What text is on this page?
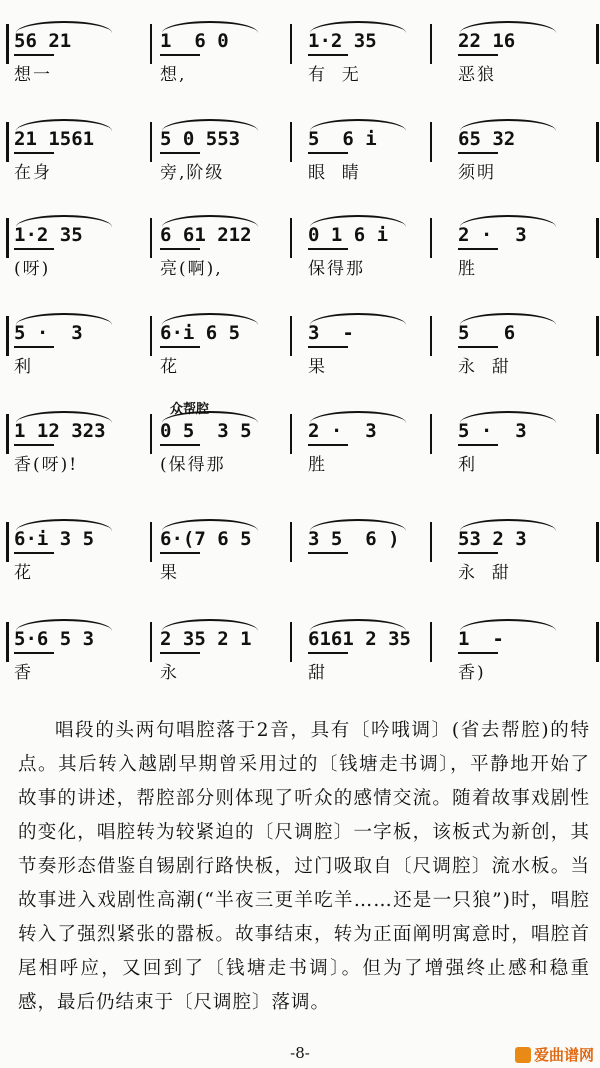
56 21
想一
1  6 0
想,
1·2 35
有  无
22 16
恶狼
21 1561
在身
5 0 553
旁,阶级
5  6 i
眼  睛
65 32
须明
1·2 35
(呀)
6 61 212
亮(啊),
0 1 6 i
保得那
2 ·  3
胜
5 ·  3
利
6·i 6 5
花
3  -
果
5   6
永  甜
众帮腔
1 12 323
香(呀)!
0 5  3 5
(保得那
2 ·  3
胜
5 ·  3
利
6·i 3 5
花
6·(7 6 5
果
3 5  6 )	53 2 3
永  甜
5·6 5 3
香
2 35 2 1
永
6161 2 35
甜
1  -
香)
唱段的头两句唱腔落于2音，具有〔吟哦调〕(省去帮腔)的特点。其后转入越剧早期曾采用过的〔钱塘走书调〕，平静地开始了故事的讲述，帮腔部分则体现了听众的感情交流。随着故事戏剧性的变化，唱腔转为较紧迫的〔尺调腔〕一字板，该板式为新创，其节奏形态借鉴自锡剧行路快板，过门吸取自〔尺调腔〕流水板。当故事进入戏剧性高潮(“半夜三更羊吃羊……还是一只狼”)时，唱腔转入了强烈紧张的嚣板。故事结束，转为正面阐明寓意时，唱腔首尾相呼应，又回到了〔钱塘走书调〕。但为了增强终止感和稳重感，最后仍结束于〔尺调腔〕落调。
-8-	爱曲谱网
